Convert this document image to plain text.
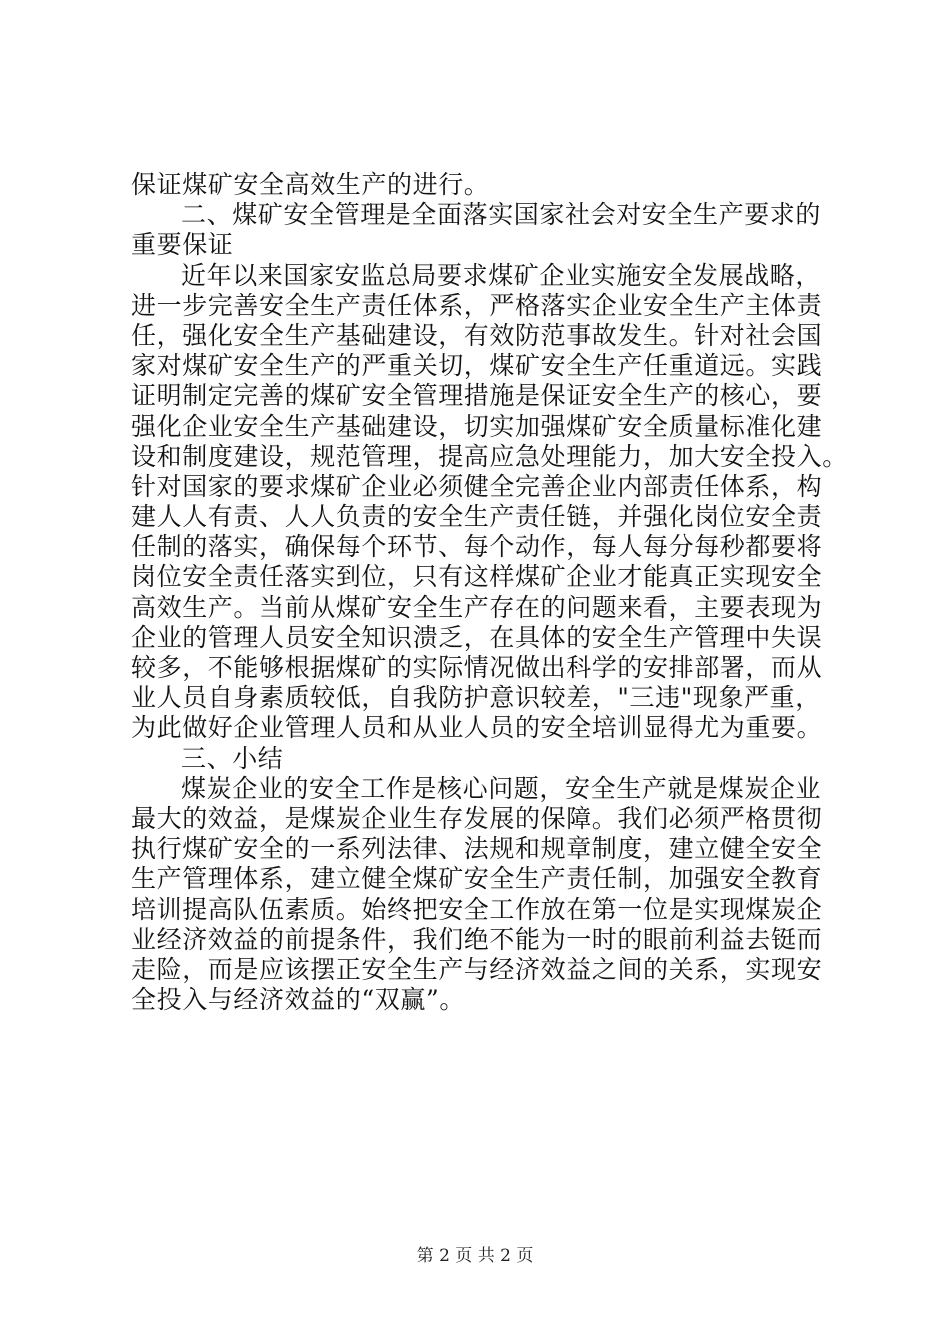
保证煤矿安全高效生产的进行。
二、煤矿安全管理是全面落实国家社会对安全生产要求的
重要保证
近年以来国家安监总局要求煤矿企业实施安全发展战略，
进一步完善安全生产责任体系，严格落实企业安全生产主体责
任，强化安全生产基础建设，有效防范事故发生。针对社会国
家对煤矿安全生产的严重关切，煤矿安全生产任重道远。实践
证明制定完善的煤矿安全管理措施是保证安全生产的核心，要
强化企业安全生产基础建设，切实加强煤矿安全质量标准化建
设和制度建设，规范管理，提高应急处理能力，加大安全投入。
针对国家的要求煤矿企业必须健全完善企业内部责任体系，构
建人人有责、人人负责的安全生产责任链，并强化岗位安全责
任制的落实，确保每个环节、每个动作，每人每分每秒都要将
岗位安全责任落实到位，只有这样煤矿企业才能真正实现安全
高效生产。当前从煤矿安全生产存在的问题来看，主要表现为
企业的管理人员安全知识溃乏，在具体的安全生产管理中失误
较多，不能够根据煤矿的实际情况做出科学的安排部署，而从
业人员自身素质较低，自我防护意识较差，"三违"现象严重，
为此做好企业管理人员和从业人员的安全培训显得尤为重要。
三、小结
煤炭企业的安全工作是核心问题，安全生产就是煤炭企业
最大的效益，是煤炭企业生存发展的保障。我们必须严格贯彻
执行煤矿安全的一系列法律、法规和规章制度，建立健全安全
生产管理体系，建立健全煤矿安全生产责任制，加强安全教育
培训提高队伍素质。始终把安全工作放在第一位是实现煤炭企
业经济效益的前提条件，我们绝不能为一时的眼前利益去铤而
走险，而是应该摆正安全生产与经济效益之间的关系，实现安
全投入与经济效益的“双赢”。
第 2 页 共 2 页
